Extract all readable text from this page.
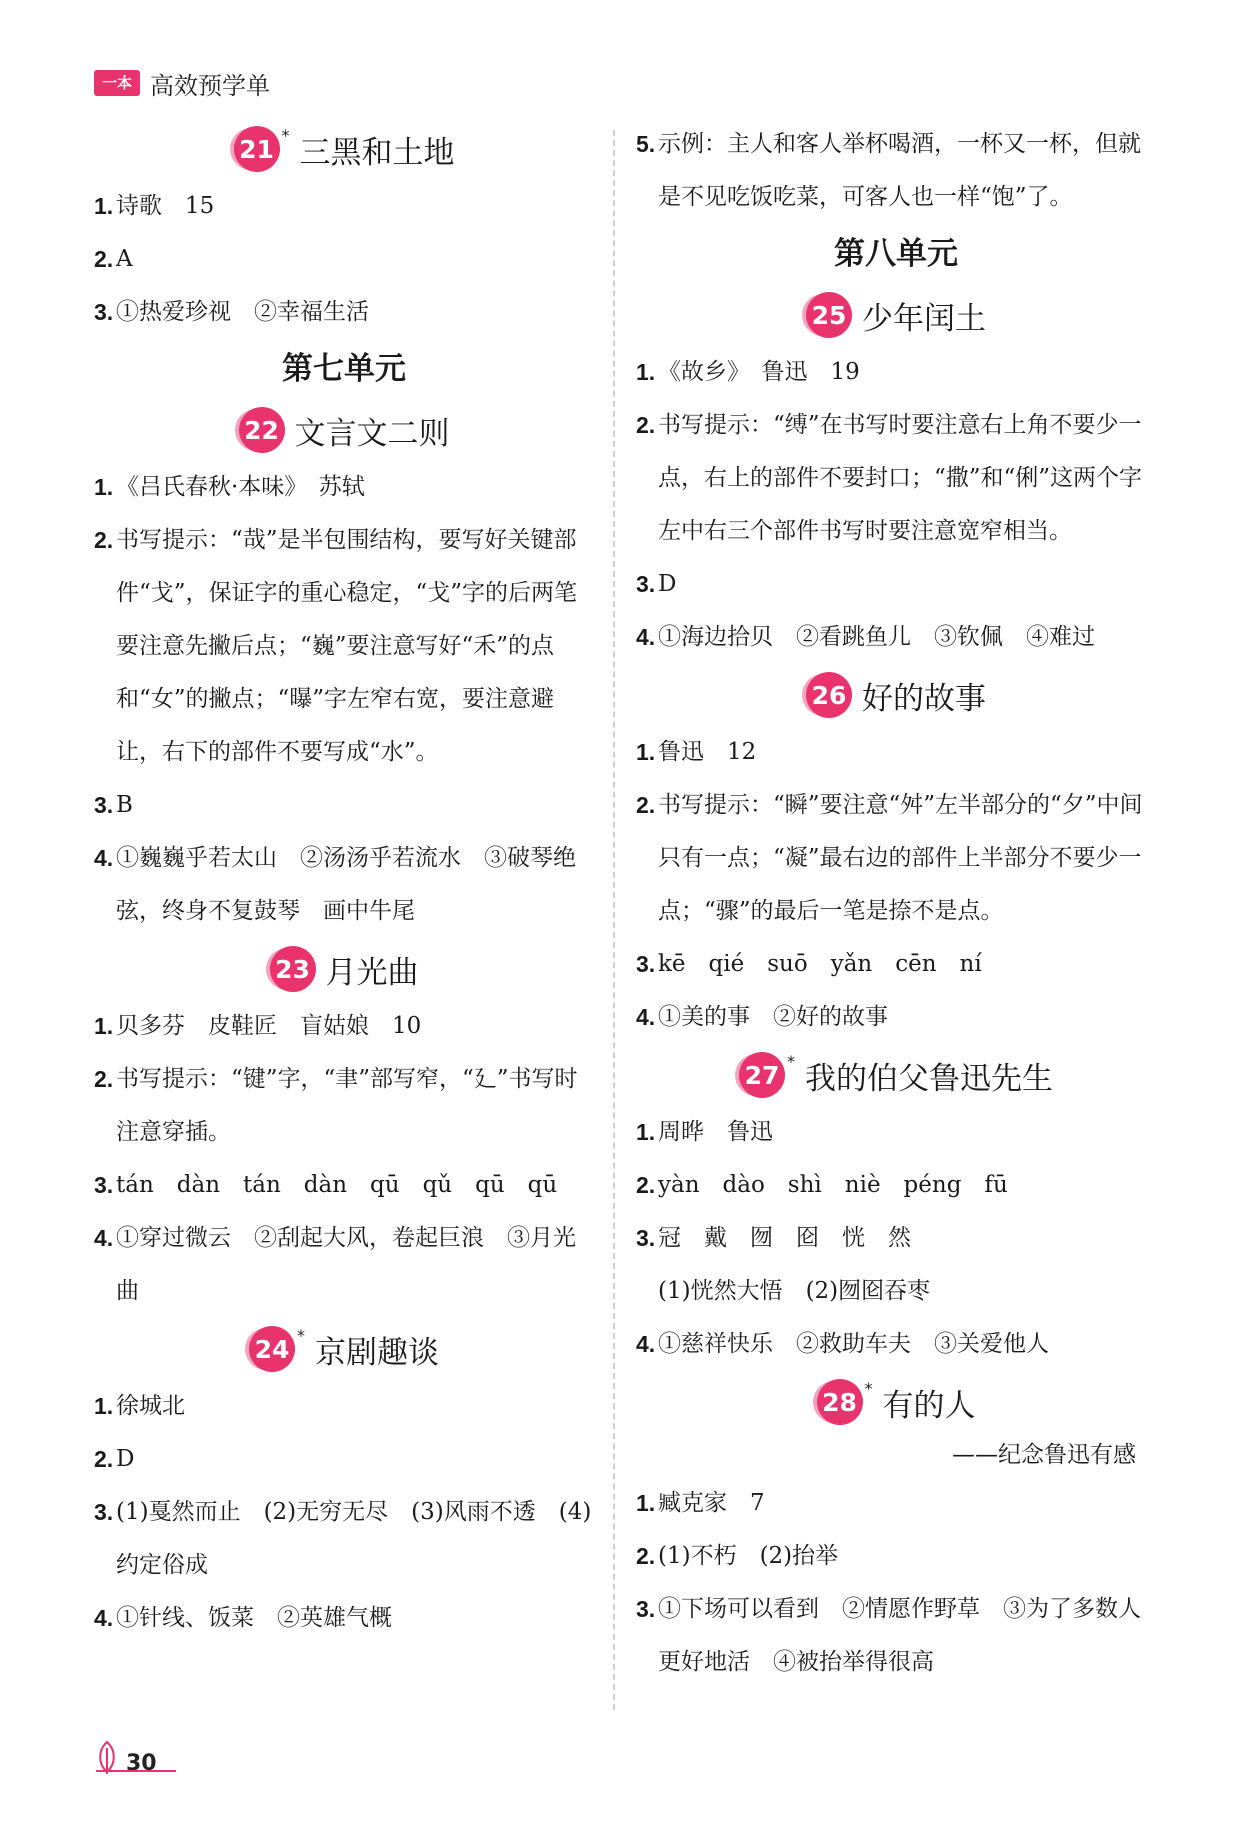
一本 高效预学单
21 * 三黑和土地

1. 诗歌　15

2. A

3. ①热爱珍视　②幸福生活

第七单元
22 文言文二则

1. 《吕氏春秋·本味》　苏轼

2. 书写提示：“哉”是半包围结构，要写好关键部件“戈”，保证字的重心稳定，“戈”字的后两笔要注意先撇后点；“巍”要注意写好“禾”的点和“女”的撇点；“曝”字左窄右宽，要注意避让，右下的部件不要写成“水”。

3. B

4. ①巍巍乎若太山　②汤汤乎若流水　③破琴绝弦，终身不复鼓琴　画中牛尾

23 月光曲

1. 贝多芬　皮鞋匠　盲姑娘　10

2. 书写提示：“键”字，“聿”部写窄，“廴”书写时注意穿插。

3. tán　dàn　tán　dàn　qū　qǔ　qū　qū

4. ①穿过微云　②刮起大风，卷起巨浪　③月光曲

24 * 京剧趣谈

1. 徐城北

2. D

3. (1)戛然而止　(2)无穷无尽　(3)风雨不透　(4)约定俗成

4. ①针线、饭菜　②英雄气概

5. 示例：主人和客人举杯喝酒，一杯又一杯，但就是不见吃饭吃菜，可客人也一样“饱”了。

第八单元
25 少年闰土

1. 《故乡》　鲁迅　19

2. 书写提示：“缚”在书写时要注意右上角不要少一点，右上的部件不要封口；“撒”和“俐”这两个字左中右三个部件书写时要注意宽窄相当。

3. D

4. ①海边拾贝　②看跳鱼儿　③钦佩　④难过

26 好的故事

1. 鲁迅　12

2. 书写提示：“瞬”要注意“舛”左半部分的“夕”中间只有一点；“凝”最右边的部件上半部分不要少一点；“骤”的最后一笔是捺不是点。

3. kē　qié　suō　yǎn　cēn　ní

4. ①美的事　②好的故事

27 * 我的伯父鲁迅先生

1. 周晔　鲁迅

2. yàn　dào　shì　niè　péng　fū

3. 冠　戴　囫　囵　恍　然

(1)恍然大悟　(2)囫囵吞枣

4. ①慈祥快乐　②救助车夫　③关爱他人

28 * 有的人
——纪念鲁迅有感

1. 臧克家　7

2. (1)不朽　(2)抬举

3. ①下场可以看到　②情愿作野草　③为了多数人更好地活　④被抬举得很高

30
